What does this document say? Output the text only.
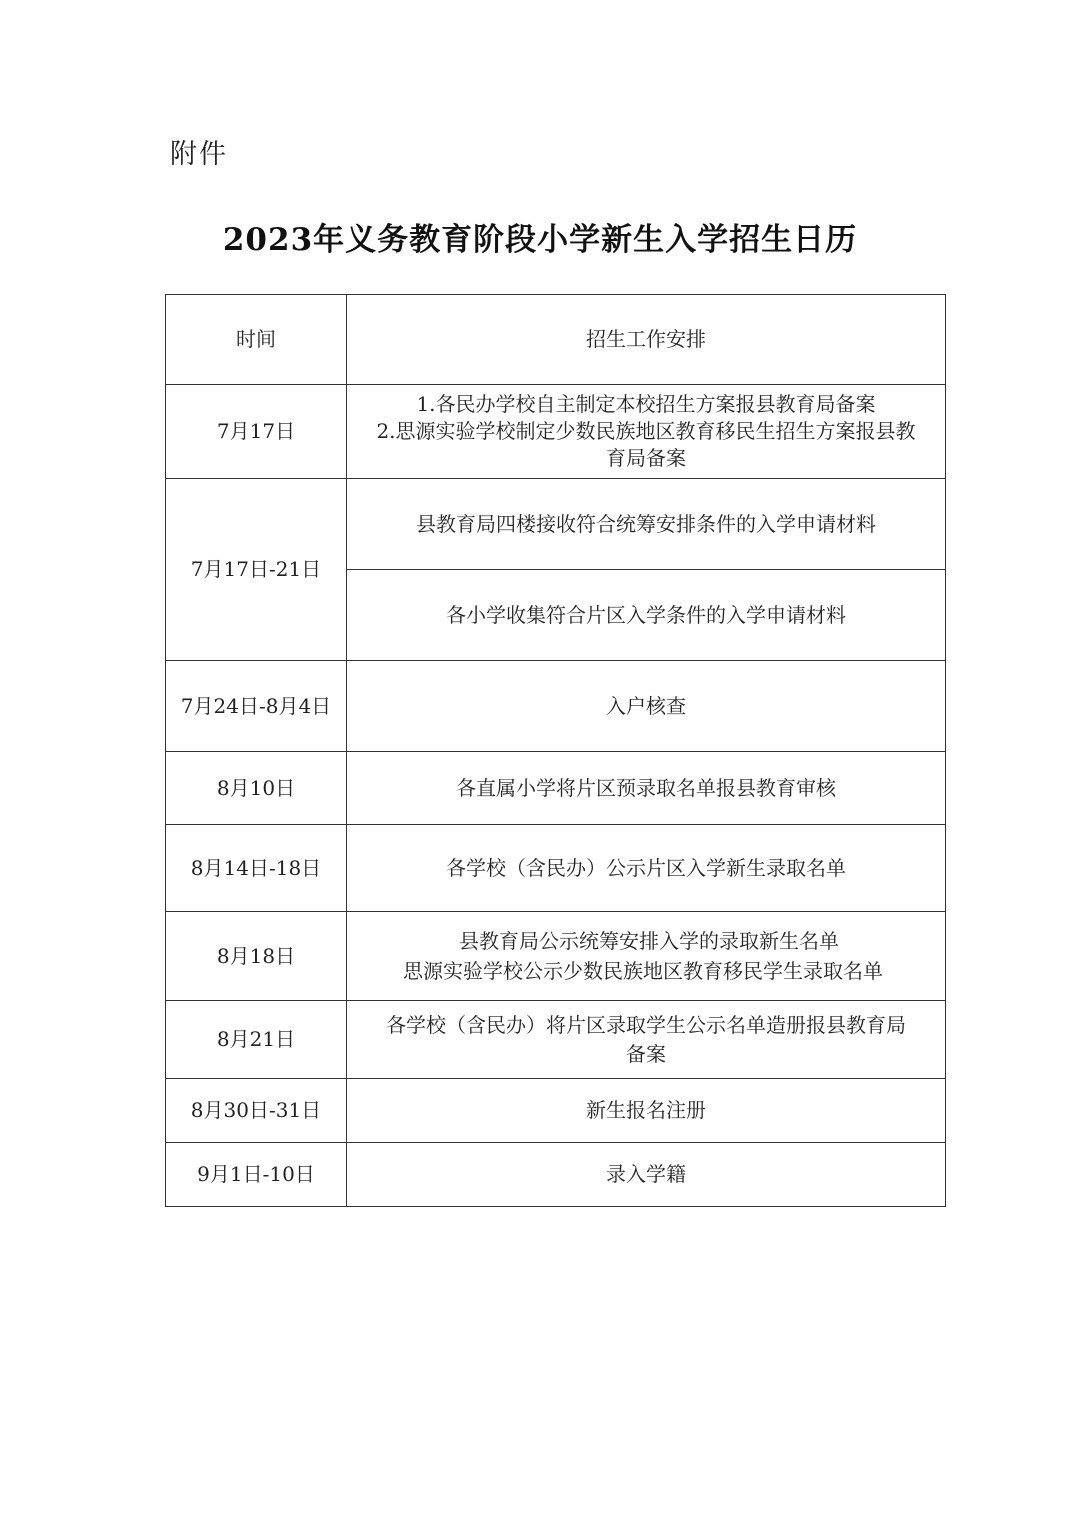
附件
2023年义务教育阶段小学新生入学招生日历
时间	招生工作安排
7月17日	1.各民办学校自主制定本校招生方案报县教育局备案
2.思源实验学校制定少数民族地区教育移民生招生方案报县教
育局备案

7月17日-21日	县教育局四楼接收符合统筹安排条件的入学申请材料

	各小学收集符合片区入学条件的入学申请材料

7月24日-8月4日	入户核查

8月10日	各直属小学将片区预录取名单报县教育审核

8月14日-18日	各学校（含民办）公示片区入学新生录取名单

8月18日	县教育局公示统筹安排入学的录取新生名单
思源实验学校公示少数民族地区教育移民学生录取名单

8月21日	各学校（含民办）将片区录取学生公示名单造册报县教育局
备案

8月30日-31日	新生报名注册

9月1日-10日	录入学籍
